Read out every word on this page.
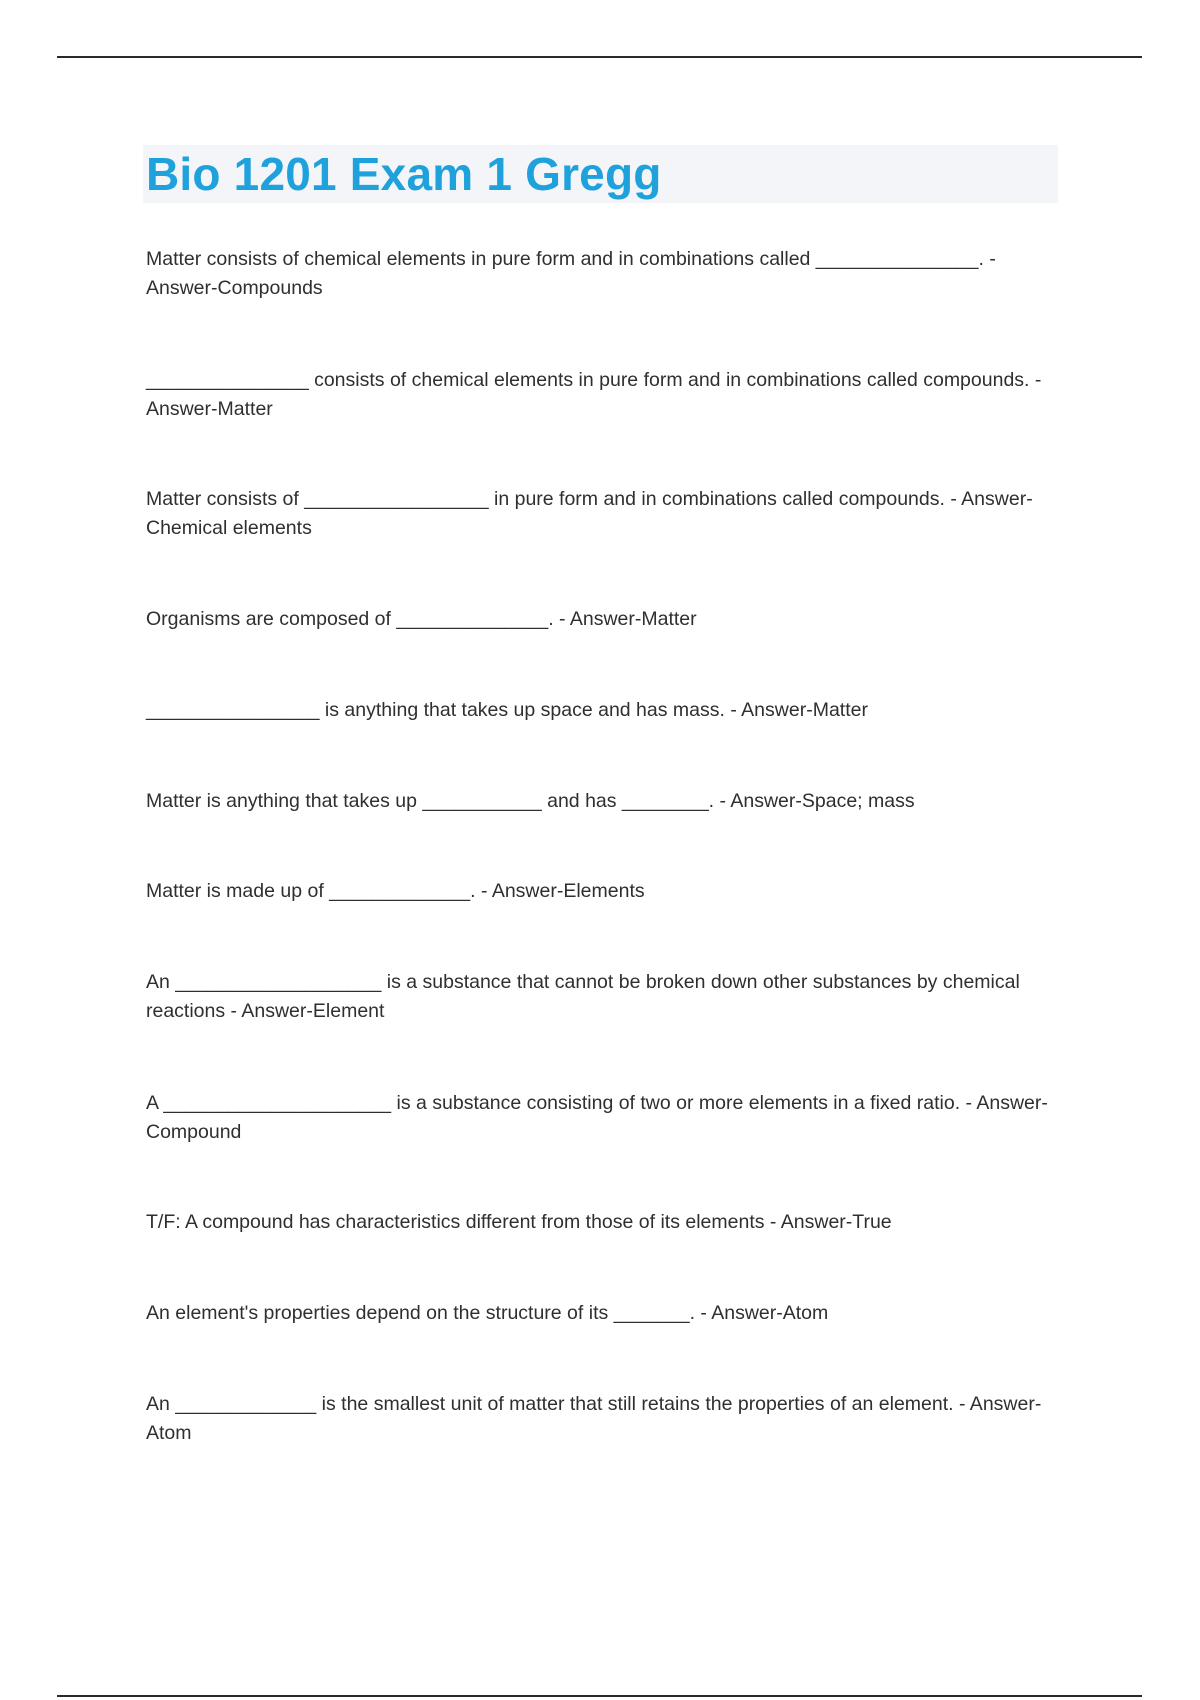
Bio 1201 Exam 1 Gregg

Matter consists of chemical elements in pure form and in combinations called _______________. - Answer-Compounds

_______________ consists of chemical elements in pure form and in combinations called compounds. - Answer-Matter

Matter consists of _________________ in pure form and in combinations called compounds. - Answer-Chemical elements

Organisms are composed of ______________. - Answer-Matter

________________ is anything that takes up space and has mass. - Answer-Matter

Matter is anything that takes up ___________ and has ________. - Answer-Space; mass

Matter is made up of _____________. - Answer-Elements

An ___________________ is a substance that cannot be broken down other substances by chemical reactions - Answer-Element

A _____________________ is a substance consisting of two or more elements in a fixed ratio. - Answer-Compound

T/F: A compound has characteristics different from those of its elements - Answer-True

An element's properties depend on the structure of its _______. - Answer-Atom

An _____________ is the smallest unit of matter that still retains the properties of an element. - Answer-Atom
